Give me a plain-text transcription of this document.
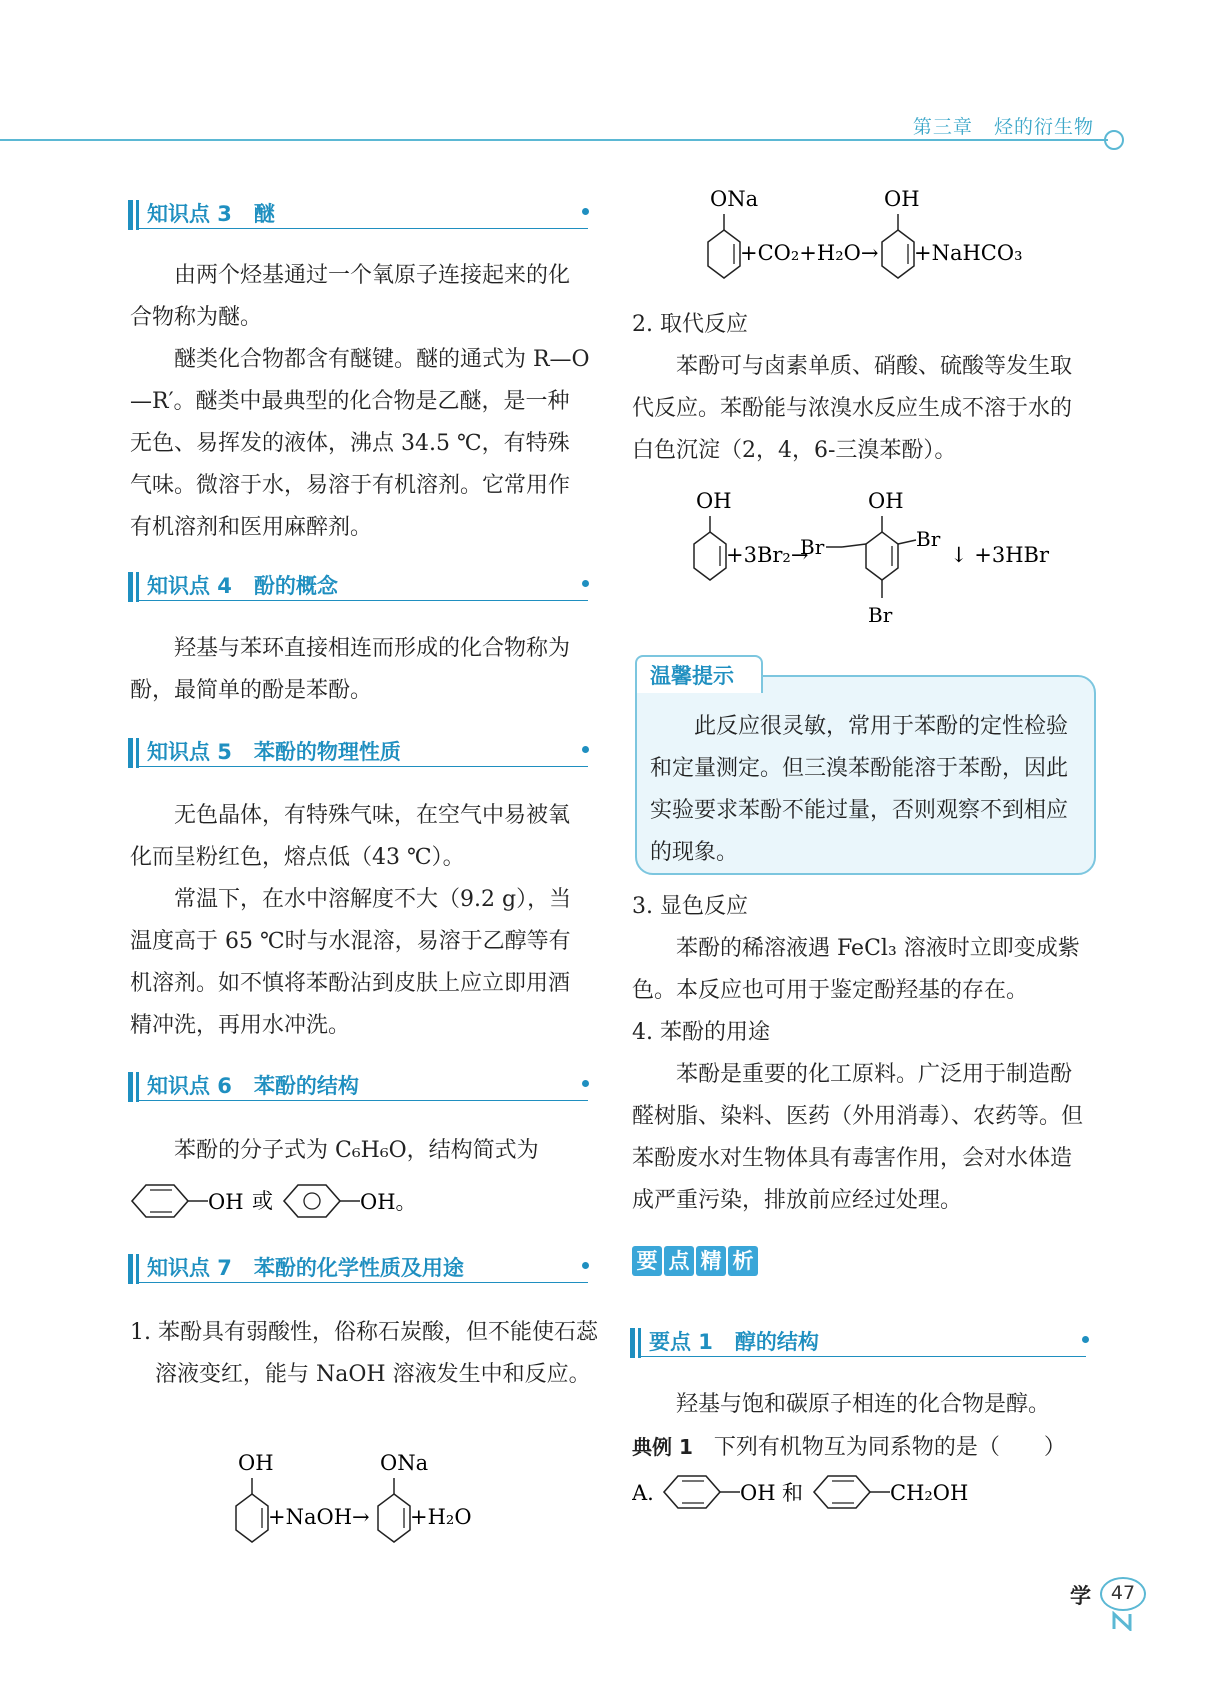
第三章 烃的衍生物
知识点 3 醚
由两个烃基通过一个氧原子连接起来的化合物称为醚。
醚类化合物都含有醚键。醚的通式为 R—O—R′。醚类中最典型的化合物是乙醚，是一种无色、易挥发的液体，沸点 34.5 ℃，有特殊气味。微溶于水，易溶于有机溶剂。它常用作有机溶剂和医用麻醉剂。
知识点 4 酚的概念
羟基与苯环直接相连而形成的化合物称为酚，最简单的酚是苯酚。
知识点 5 苯酚的物理性质
无色晶体，有特殊气味，在空气中易被氧化而呈粉红色，熔点低（43 ℃）。
常温下，在水中溶解度不大（9.2 g），当温度高于 65 ℃时与水混溶，易溶于乙醇等有机溶剂。如不慎将苯酚沾到皮肤上应立即用酒精冲洗，再用水冲洗。
知识点 6 苯酚的结构
苯酚的分子式为 C₆H₆O，结构简式为
OH 或	OH。
知识点 7 苯酚的化学性质及用途
1. 苯酚具有弱酸性，俗称石炭酸，但不能使石蕊溶液变红，能与 NaOH 溶液发生中和反应。
OH
+NaOH→
ONa
+H₂O
ONa
+CO₂+H₂O→
OH
+NaHCO₃
2. 取代反应
苯酚可与卤素单质、硝酸、硫酸等发生取代反应。苯酚能与浓溴水反应生成不溶于水的白色沉淀（2，4，6-三溴苯酚）。
OH
+3Br₂→
Br
OH
Br
↓ +3HBr
Br
温馨提示
此反应很灵敏，常用于苯酚的定性检验和定量测定。但三溴苯酚能溶于苯酚，因此实验要求苯酚不能过量，否则观察不到相应的现象。
3. 显色反应
苯酚的稀溶液遇 FeCl₃ 溶液时立即变成紫色。本反应也可用于鉴定酚羟基的存在。
4. 苯酚的用途
苯酚是重要的化工原料。广泛用于制造酚醛树脂、染料、医药（外用消毒）、农药等。但苯酚废水对生物体具有毒害作用，会对水体造成严重污染，排放前应经过处理。
要 点 精 析
要点 1 醇的结构
羟基与饱和碳原子相连的化合物是醇。
典例 1 下列有机物互为同系物的是（　　）
A.	OH 和	CH₂OH
学	47
